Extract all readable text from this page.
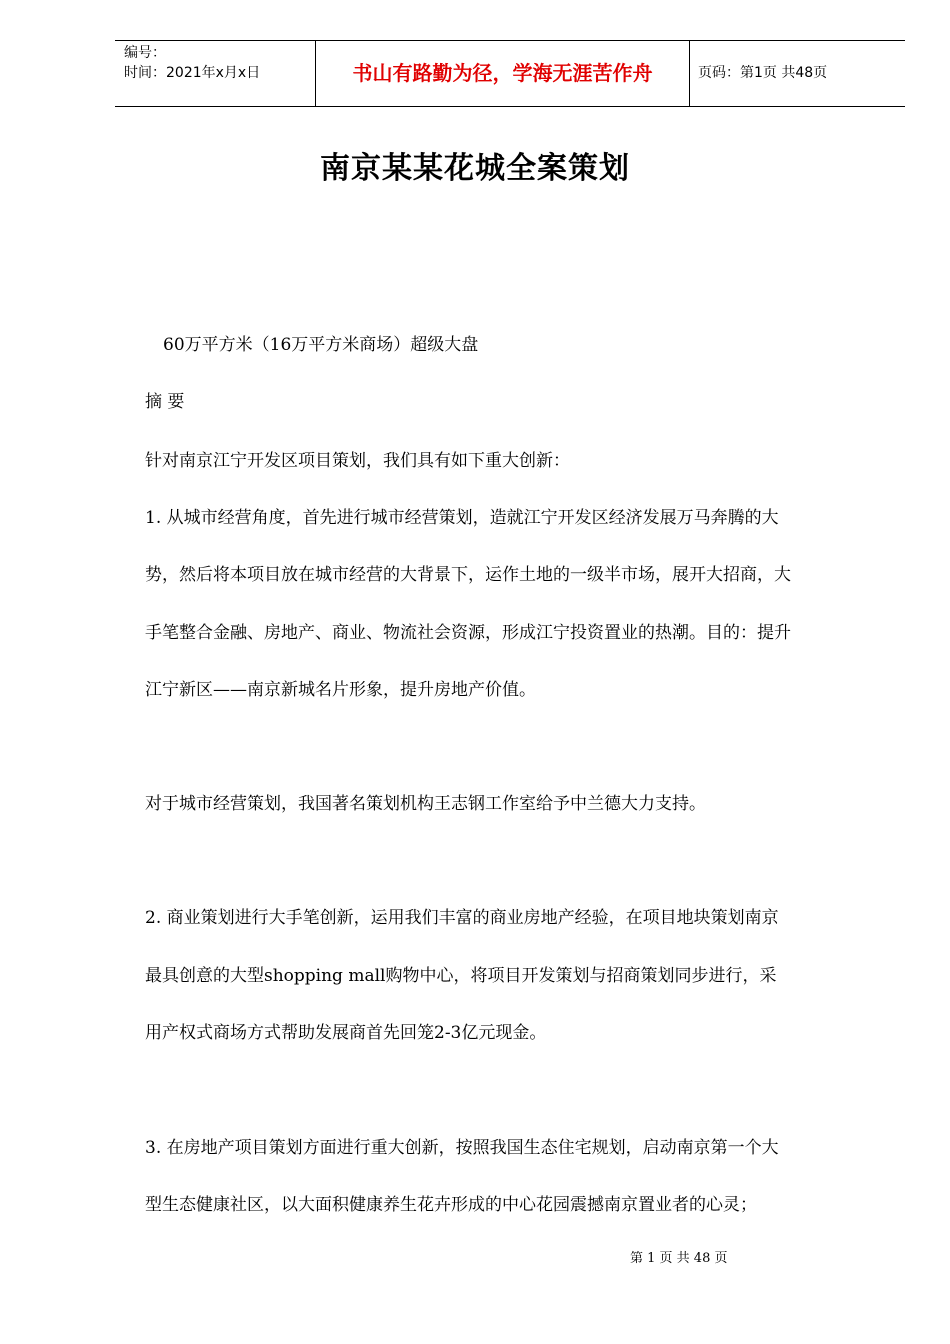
编号：
时间：2021年x月x日	书山有路勤为径，学海无涯苦作舟	页码：第1页 共48页
南京某某花城全案策划
60万平方米（16万平方米商场）超级大盘
摘 要
针对南京江宁开发区项目策划，我们具有如下重大创新：
1. 从城市经营角度，首先进行城市经营策划，造就江宁开发区经济发展万马奔腾的大
势，然后将本项目放在城市经营的大背景下，运作土地的一级半市场，展开大招商，大
手笔整合金融、房地产、商业、物流社会资源，形成江宁投资置业的热潮。目的：提升
江宁新区——南京新城名片形象，提升房地产价值。
对于城市经营策划，我国著名策划机构王志钢工作室给予中兰德大力支持。
2. 商业策划进行大手笔创新，运用我们丰富的商业房地产经验，在项目地块策划南京
最具创意的大型shopping mall购物中心，将项目开发策划与招商策划同步进行，采
用产权式商场方式帮助发展商首先回笼2-3亿元现金。
3. 在房地产项目策划方面进行重大创新，按照我国生态住宅规划，启动南京第一个大
型生态健康社区，以大面积健康养生花卉形成的中心花园震撼南京置业者的心灵；
第 1 页 共 48 页
